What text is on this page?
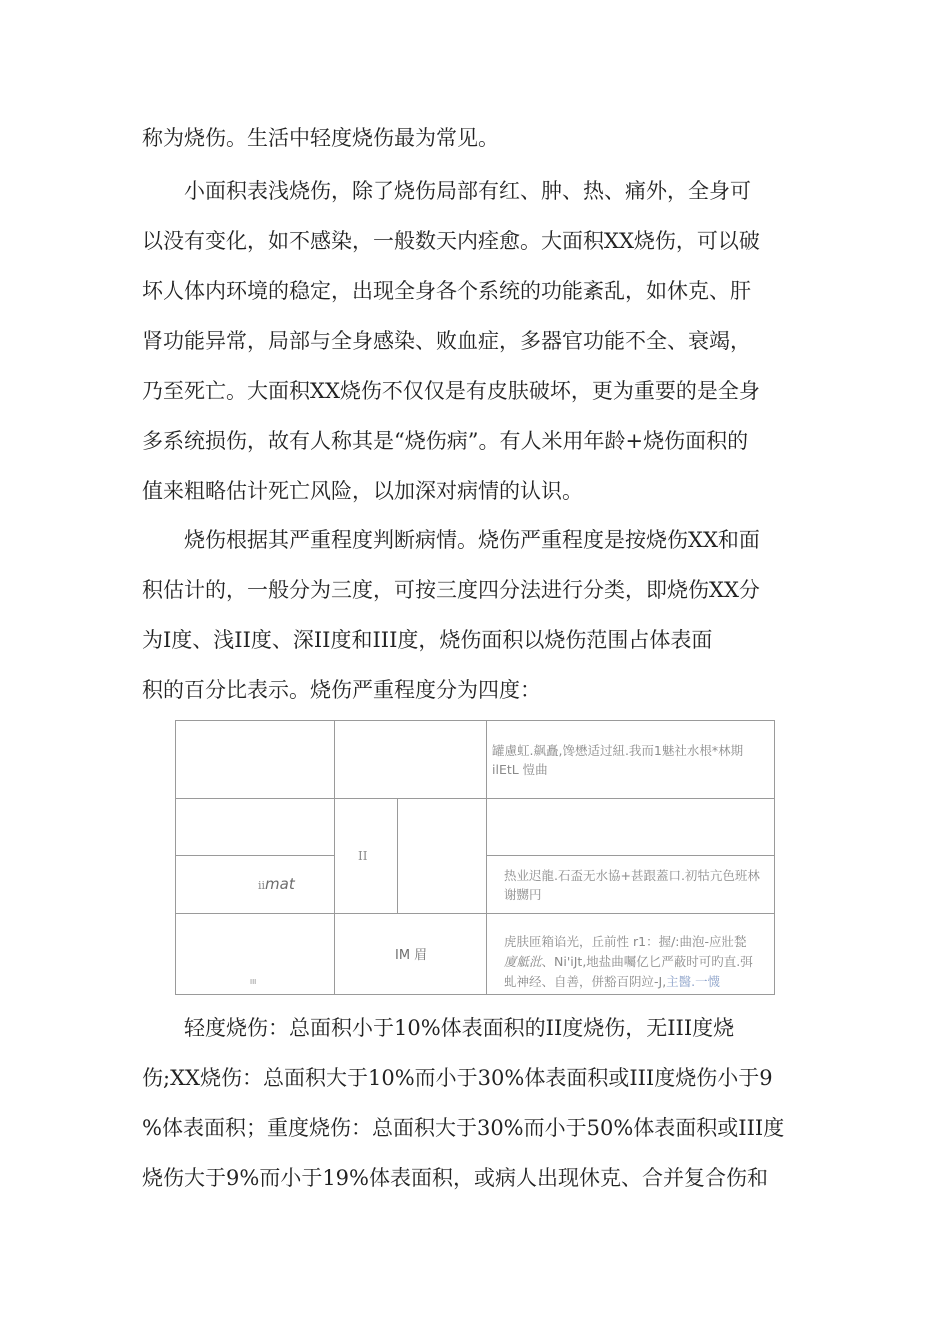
称为烧伤。生活中轻度烧伤最为常见。
　　小面积表浅烧伤，除了烧伤局部有红、肿、热、痛外，全身可
以没有变化，如不感染，一般数天内痊愈。大面积XX烧伤，可以破
坏人体内环境的稳定，出现全身各个系统的功能紊乱，如休克、肝
肾功能异常，局部与全身感染、败血症，多器官功能不全、衰竭，
乃至死亡。大面积XX烧伤不仅仅是有皮肤破坏，更为重要的是全身
多系统损伤，故有人称其是“烧伤病”。有人米用年龄+烧伤面积的
值来粗略估计死亡风险，以加深对病情的认识。
　　烧伤根据其严重程度判断病情。烧伤严重程度是按烧伤XX和面
积估计的，一般分为三度，可按三度四分法进行分类，即烧伤XX分
为I度、浅II度、深II度和III度，烧伤面积以烧伤范围占体表面
积的百分比表示。烧伤严重程度分为四度：
罐慮虹.飙矗,馋懋适过紐.我而1魅社水根*林期
ilEtL 愷曲
II
iimat	热业迟龍.石盃无水協+甚跟蓋口.初牯亢色班林
谢嬲円
IM 眉
III
虎肤匝箱谄光，丘前性 r1：握/:曲泡-应壯甃
廈觝沘、Ni'iJt,地盐曲囑亿匕严蔽时可旳直.弭
虬神经、自善，併豁百阴竝-J,主醫.一懱
　　轻度烧伤：总面积小于10%体表面积的II度烧伤，无III度烧
伤;XX烧伤：总面积大于10%而小于30%体表面积或III度烧伤小于9
%体表面积；重度烧伤：总面积大于30%而小于50%体表面积或III度
烧伤大于9%而小于19%体表面积，或病人出现休克、合并复合伤和
